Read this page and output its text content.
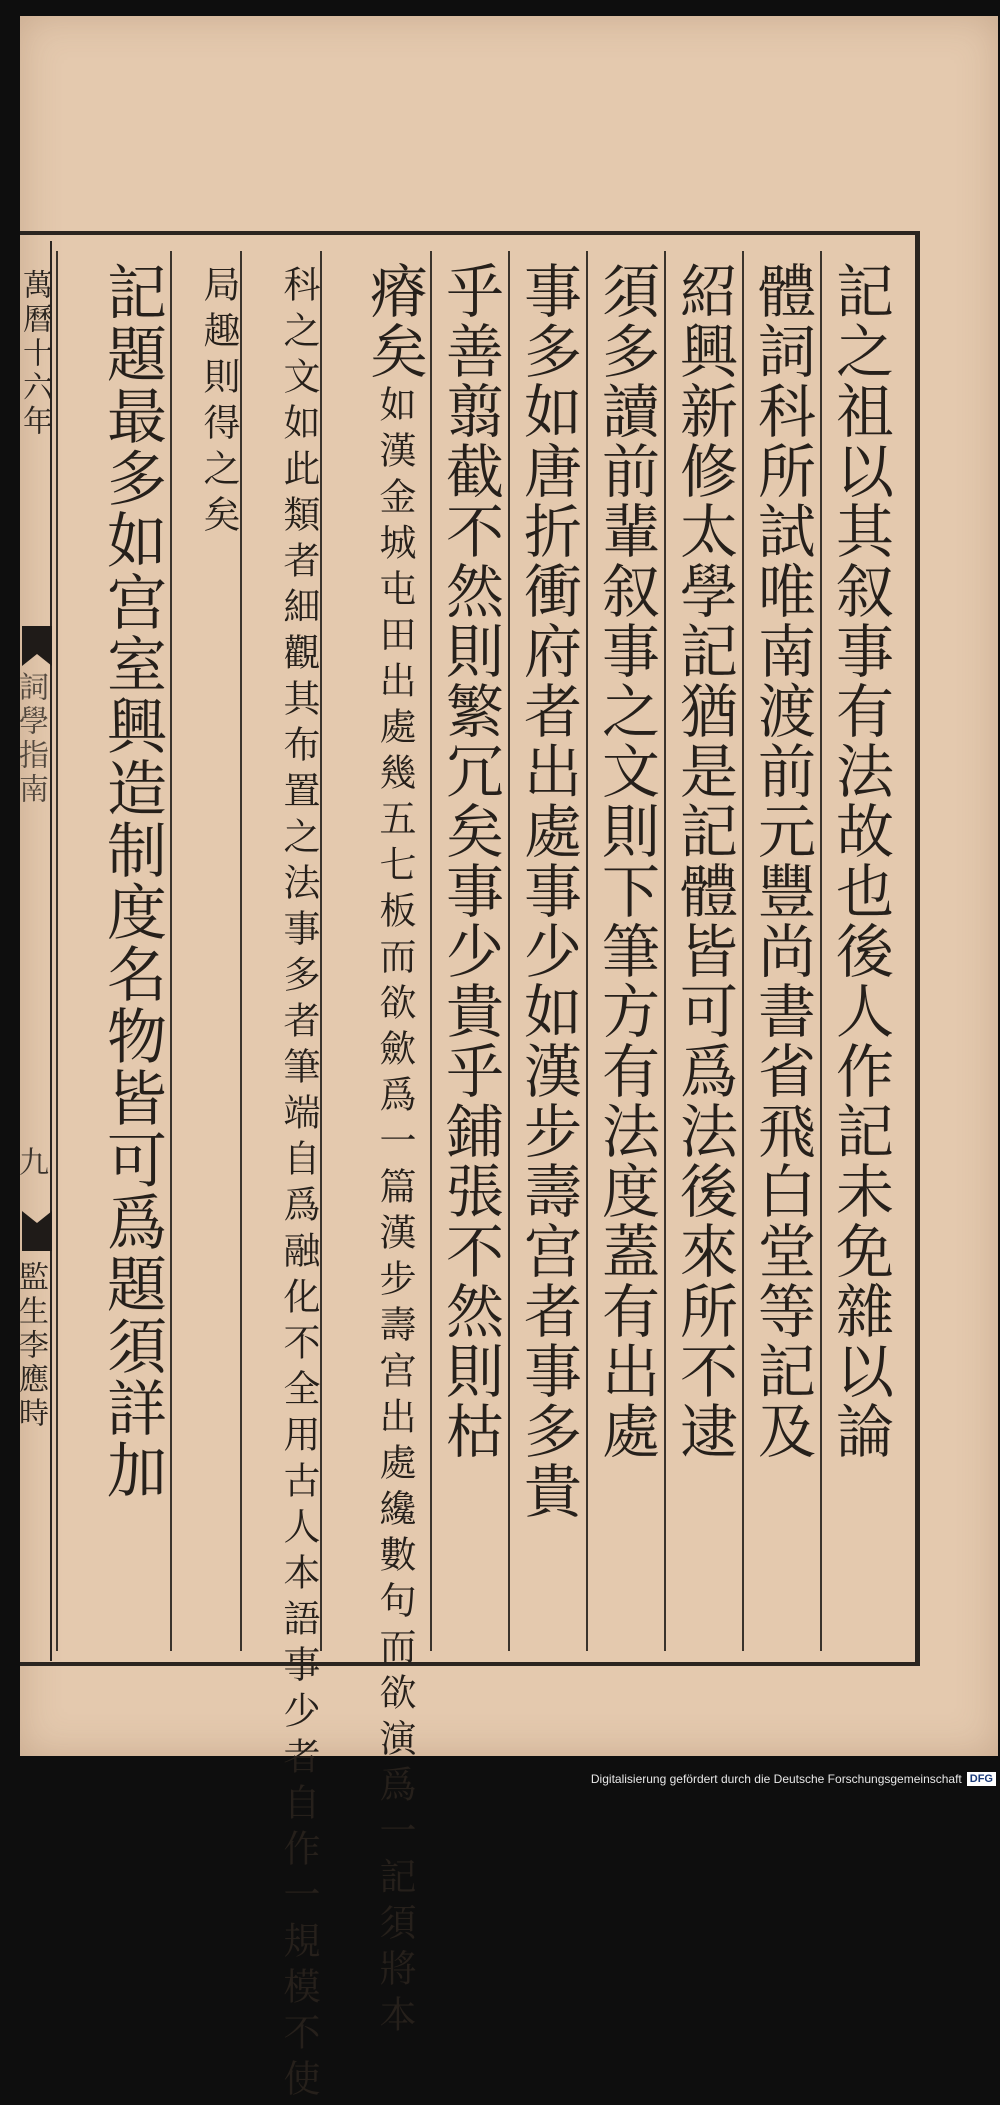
萬曆十六年
詞學指南
九
監生李應時	記之祖以其叙事有法故也後人作記未免雜以論
體詞科所試唯南渡前元豐尚書省飛白堂等記及
紹興新修太學記猶是記體皆可爲法後來所不逮
須多讀前輩叙事之文則下筆方有法度蓋有出處
事多如唐折衝府者出處事少如漢步壽宫者事多貴
乎善翦截不然則繁冗矣事少貴乎鋪張不然則枯
瘠矣如漢金城屯田出處幾五七板而欲歛爲一篇漢步壽宫出處纔數句而欲演爲一記須將本
科之文如此類者細觀其布置之法事多者筆端自爲融化不全用古人本語事少者自作一規模不使
局趣則得之矣
記題最多如宫室興造制度名物皆可爲題須詳加
Digitalisierung gefördert durch die Deutsche Forschungsgemeinschaft DFG
